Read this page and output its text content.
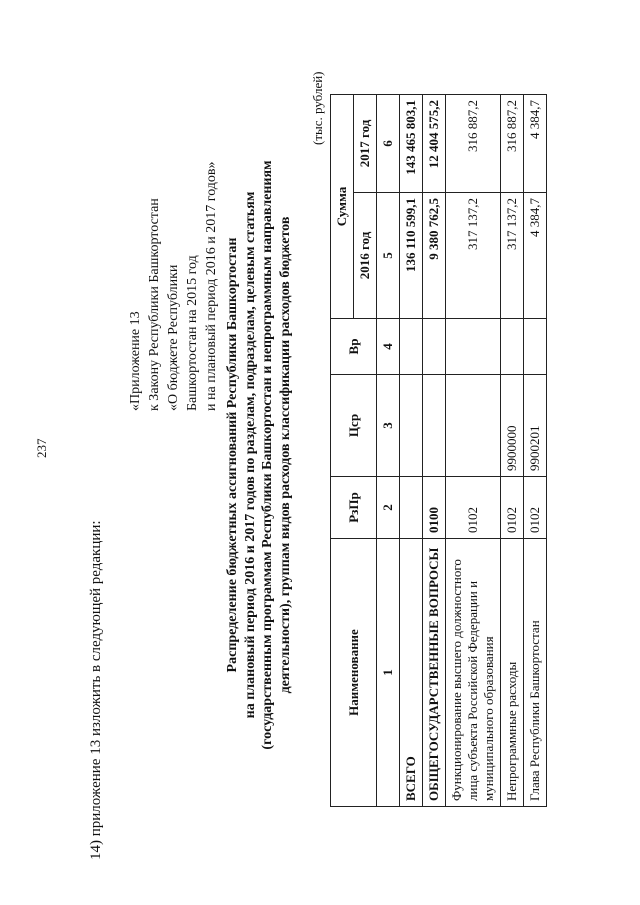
237
14) приложение 13 изложить в следующей редакции:
«Приложение 13 к Закону Республики Башкортостан «О бюджете Республики Башкортостан на 2015 год и на плановый период 2016 и 2017 годов» Распределение бюджетных ассигнований Республики Башкортостан на плановый период 2016 и 2017 годов по разделам, подразделам, целевым статьям (государственным программам Республики Башкортостан и непрограммным направлениям деятельности), группам видов расходов классификации расходов бюджетов
(тыс. рублей)
Наименование	РзПр	Цср	Вр	Сумма	
				2016 год	2017 год
1	2	3	4	5	6
ВСЕГО				136 110 599,1	143 465 803,1
ОБЩЕГОСУДАРСТВЕННЫЕ ВОПРОСЫ	0100			9 380 762,5	12 404 575,2
Функционирование высшего должностного лица субъекта Российской Федерации и муниципального образования	0102			317 137,2	316 887,2
Непрограммные расходы	0102	9900000		317 137,2	316 887,2
Глава Республики Башкортостан	0102	9900201		4 384,7	4 384,7
